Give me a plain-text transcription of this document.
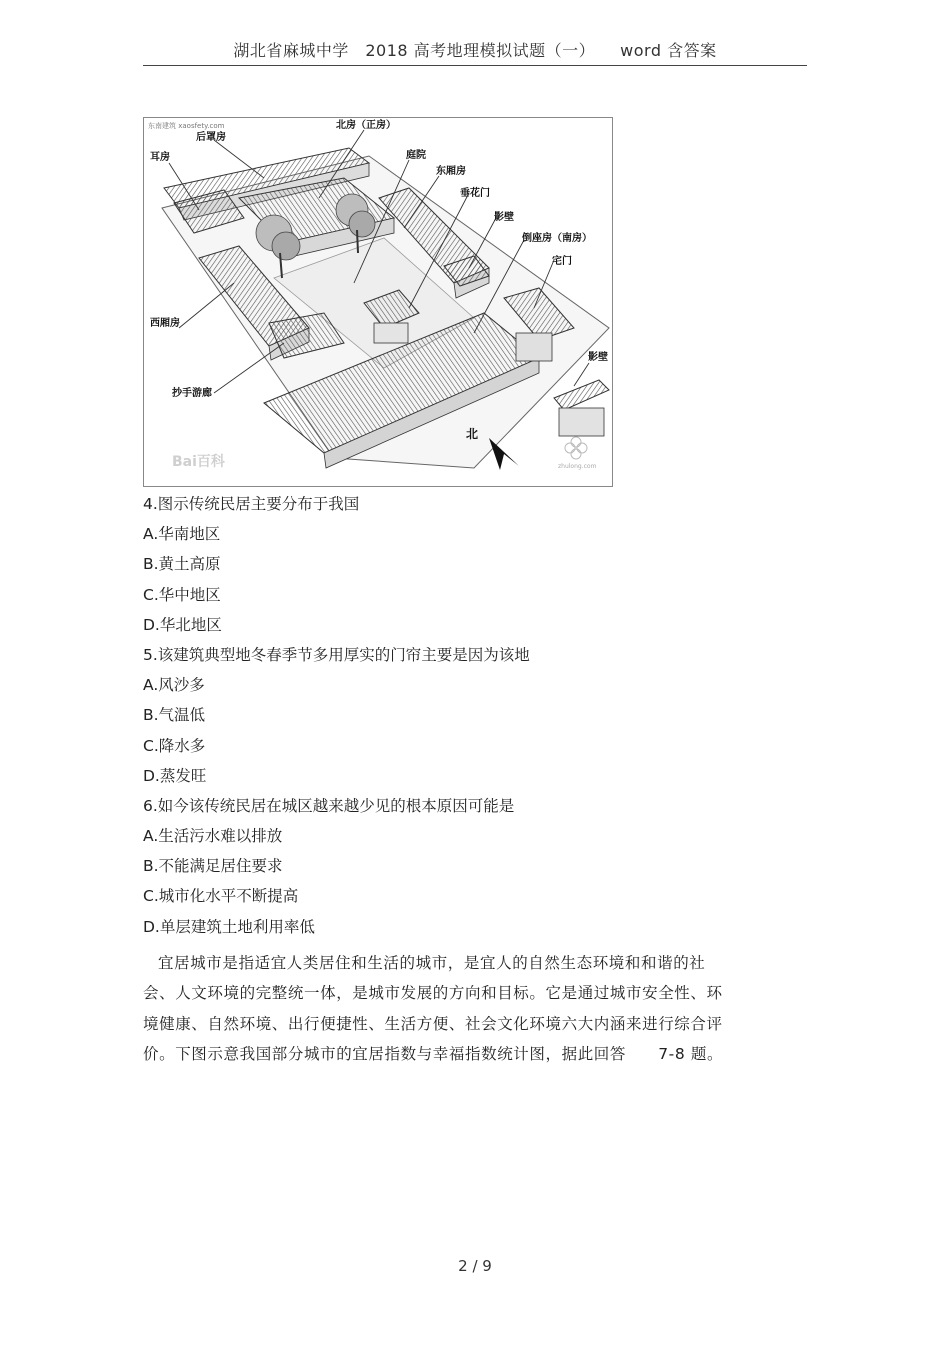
湖北省麻城中学　2018 高考地理模拟试题（一）　　word 含答案
东南建筑 xaosfety.com
zhulong.com
后罩房
耳房
北房（正房）
庭院
东厢房
垂花门
影壁
倒座房（南房）
宅门
西厢房
抄手游廊
影壁
北
Bai百科
4.图示传统民居主要分布于我国
A.华南地区
B.黄土高原
C.华中地区
D.华北地区
5.该建筑典型地冬春季节多用厚实的门帘主要是因为该地
A.风沙多
B.气温低
C.降水多
D.蒸发旺
6.如今该传统民居在城区越来越少见的根本原因可能是
A.生活污水难以排放
B.不能满足居住要求
C.城市化水平不断提高
D.单层建筑土地利用率低
宜居城市是指适宜人类居住和生活的城市，是宜人的自然生态环境和和谐的社会、人文环境的完整统一体，是城市发展的方向和目标。它是通过城市安全性、环境健康、自然环境、出行便捷性、生活方便、社会文化环境六大内涵来进行综合评价。下图示意我国部分城市的宜居指数与幸福指数统计图，据此回答　　7-8 题。
2 / 9
